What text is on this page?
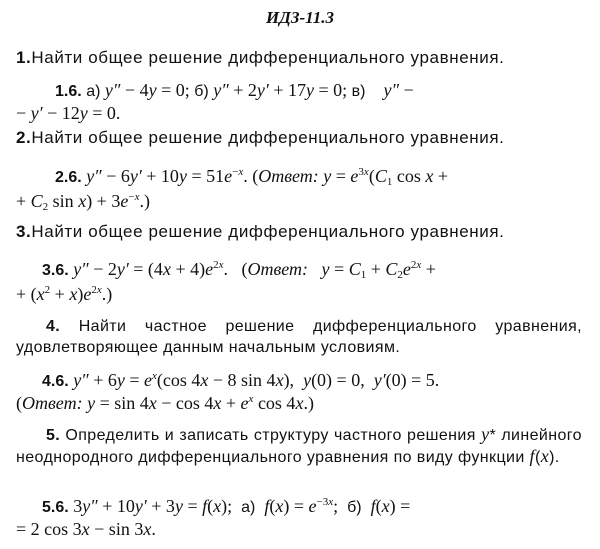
ИДЗ-11.3
1.Найти общее решение дифференциального уравнения.
1.6. а) y″ − 4y = 0; б) y″ + 2y′ + 17y = 0; в) y″ −
− y′ − 12y = 0.
2.Найти общее решение дифференциального уравнения.
2.6. $y'' - 6y' + 10y = 51e^{-x}$. (Ответ: $y = e^{3x}(C_1$ cos x +
+ $C_2$ $\sin x) + 3e^{-x}$.)
3.Найти общее решение дифференциального уравнения.
3.6. $y'' - 2y' = (4x + 4)e^{2x}$.   (Ответ: $y = C_1 + C_2e^{2x}$ +
+ $(x^2 + x)e^{2x}$.)
4. Найти частное решение дифференциального уравнения, удовлетворяющее данным начальным условиям.
4.6. $y'' + 6y = e^x(\cos$ 4x − 8 sin 4x),  y(0) = 0,  y′(0) = 5.
(Ответ: $y = \sin 4x - \cos 4x + e^x$ cos 4x.)
5. Определить и записать структуру частного решения y* линейного неоднородного дифференциального уравнения по виду функции f(x).
5.6. 3y″ + 10y′ + 3y = f(x);  а) $f(x) = e^{-3x}$;  б) f(x) =
= 2 cos 3x − sin 3x.
